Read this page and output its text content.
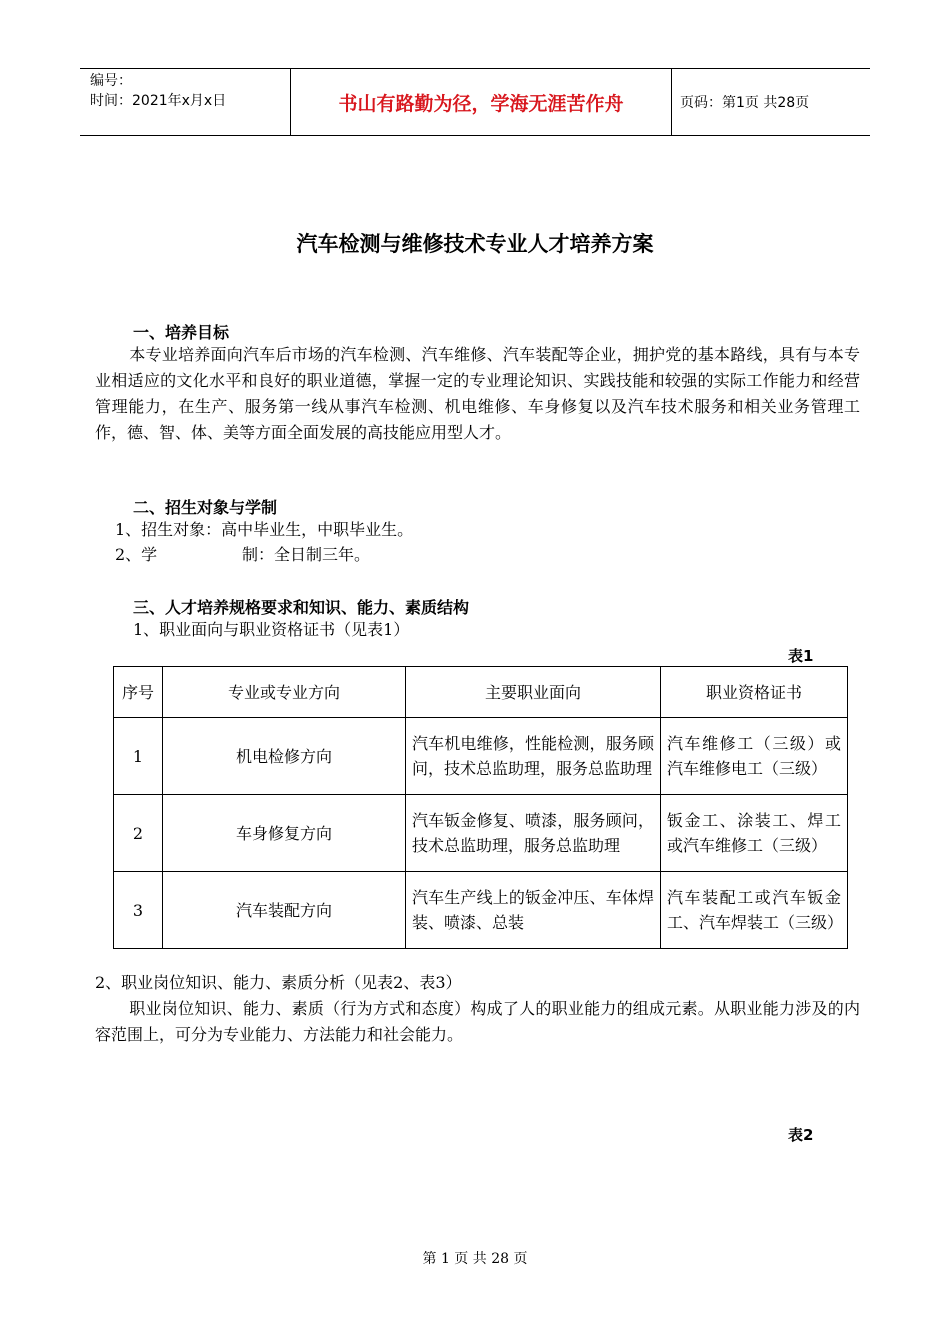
编号：
时间：2021年x月x日	书山有路勤为径，学海无涯苦作舟	页码：第1页 共28页
汽车检测与维修技术专业人才培养方案
一、培养目标
本专业培养面向汽车后市场的汽车检测、汽车维修、汽车装配等企业，拥护党的基本路线，具有与本专业相适应的文化水平和良好的职业道德，掌握一定的专业理论知识、实践技能和较强的实际工作能力和经营管理能力，在生产、服务第一线从事汽车检测、机电维修、车身修复以及汽车技术服务和相关业务管理工作，德、智、体、美等方面全面发展的高技能应用型人才。
二、招生对象与学制
1、招生对象：高中毕业生，中职毕业生。
2、学	制：全日制三年。
三、人才培养规格要求和知识、能力、素质结构
1、职业面向与职业资格证书（见表1）
表1
序号	专业或专业方向	主要职业面向	职业资格证书
1	机电检修方向	汽车机电维修，性能检测，服务顾问，技术总监助理，服务总监助理	汽车维修工（三级）或汽车维修电工（三级）
2	车身修复方向	汽车钣金修复、喷漆，服务顾问，技术总监助理，服务总监助理	钣金工、涂装工、焊工或汽车维修工（三级）
3	汽车装配方向	汽车生产线上的钣金冲压、车体焊装、喷漆、总装	汽车装配工或汽车钣金工、汽车焊装工（三级）
2、职业岗位知识、能力、素质分析（见表2、表3）
职业岗位知识、能力、素质（行为方式和态度）构成了人的职业能力的组成元素。从职业能力涉及的内容范围上，可分为专业能力、方法能力和社会能力。
表2
第 1 页 共 28 页
